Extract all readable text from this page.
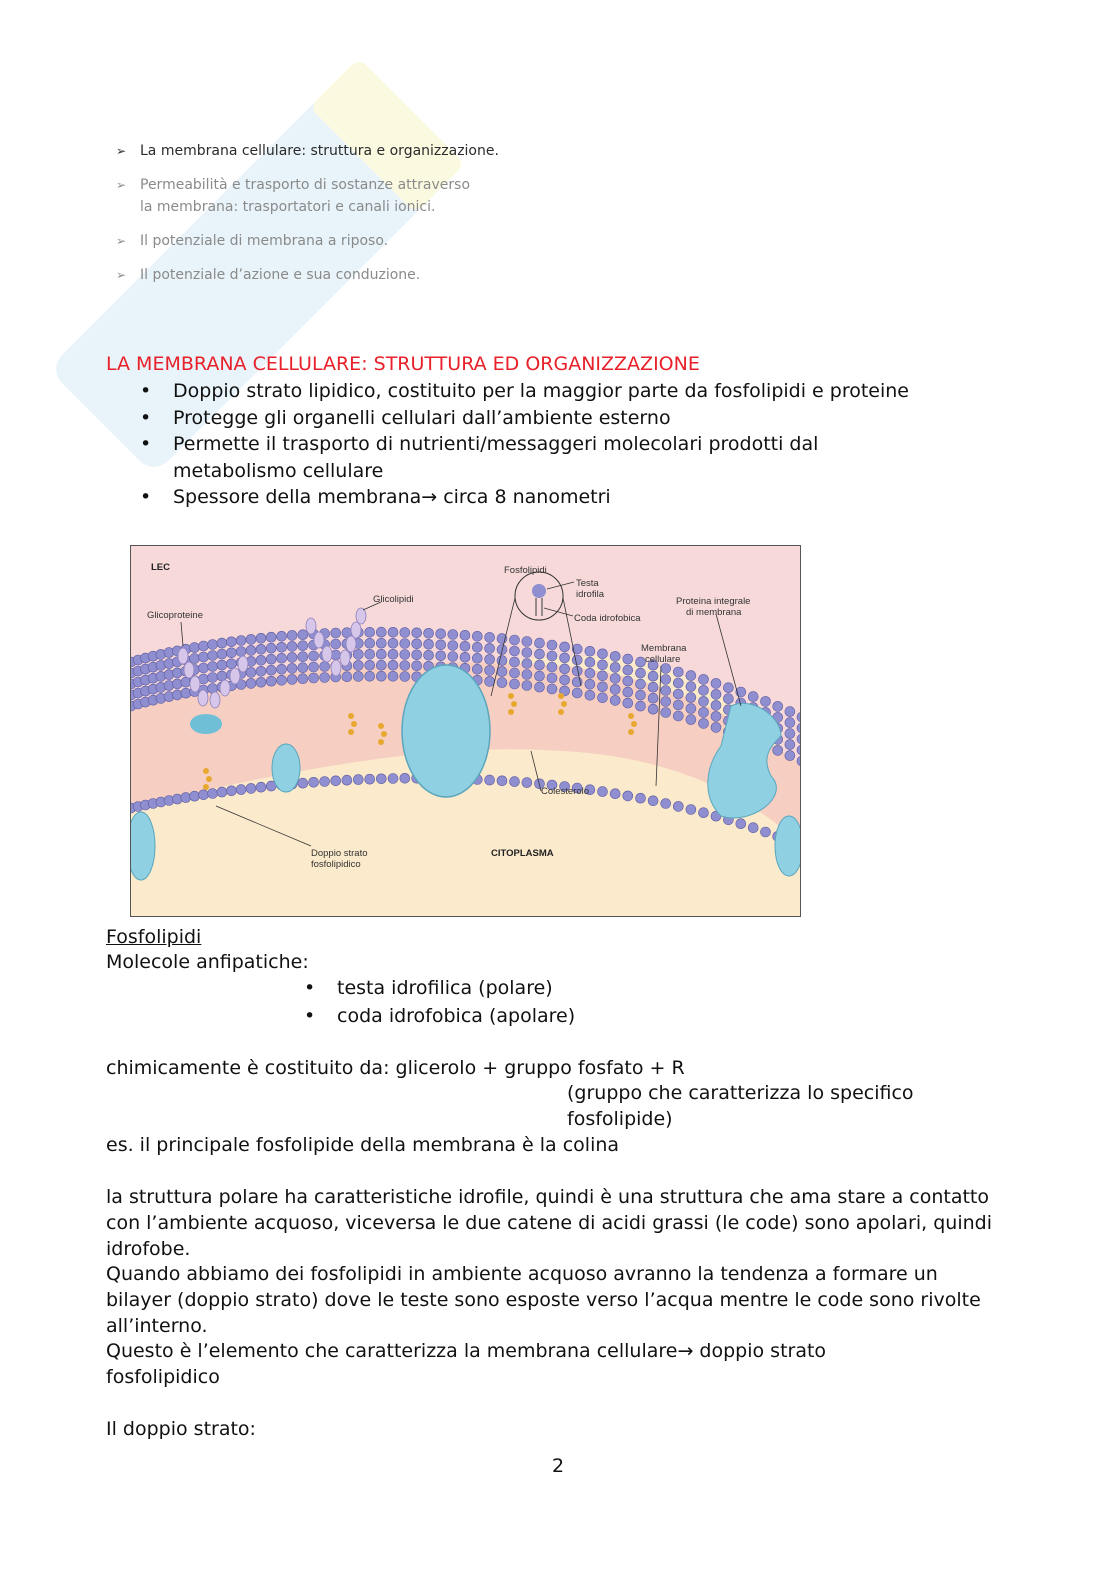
➢ La membrana cellulare: struttura e organizzazione.
➢ Permeabilità e trasporto di sostanze attraverso la membrana: trasportatori e canali ionici.
➢ Il potenziale di membrana a riposo.
➢ Il potenziale d’azione e sua conduzione.
LA MEMBRANA CELLULARE: STRUTTURA ED ORGANIZZAZIONE
• Doppio strato lipidico, costituito per la maggior parte da fosfolipidi e proteine
• Protegge gli organelli cellulari dall’ambiente esterno
• Permette il trasporto di nutrienti/messaggeri molecolari prodotti dal metabolismo cellulare
• Spessore della membrana→ circa 8 nanometri
LEC
Glicoproteine
Glicolipidi
Fosfolipidi
Testa
idrofila
Coda idrofobica
Proteina integrale
di membrana
Membrana
cellulare
Colesterolo
Doppio strato
fosfolipidico
CITOPLASMA
Fosfolipidi
Molecole anfipatiche:
• testa idrofilica (polare)
• coda idrofobica (apolare)
chimicamente è costituito da: glicerolo + gruppo fosfato + R
(gruppo che caratterizza lo specifico
fosfolipide)
es. il principale fosfolipide della membrana è la colina
la struttura polare ha caratteristiche idrofile, quindi è una struttura che ama stare a contatto con l’ambiente acquoso, viceversa le due catene di acidi grassi (le code) sono apolari, quindi idrofobe.
Quando abbiamo dei fosfolipidi in ambiente acquoso avranno la tendenza a formare un bilayer (doppio strato) dove le teste sono esposte verso l’acqua mentre le code sono rivolte all’interno.
Questo è l’elemento che caratterizza la membrana cellulare→ doppio strato fosfolipidico
Il doppio strato:
2
